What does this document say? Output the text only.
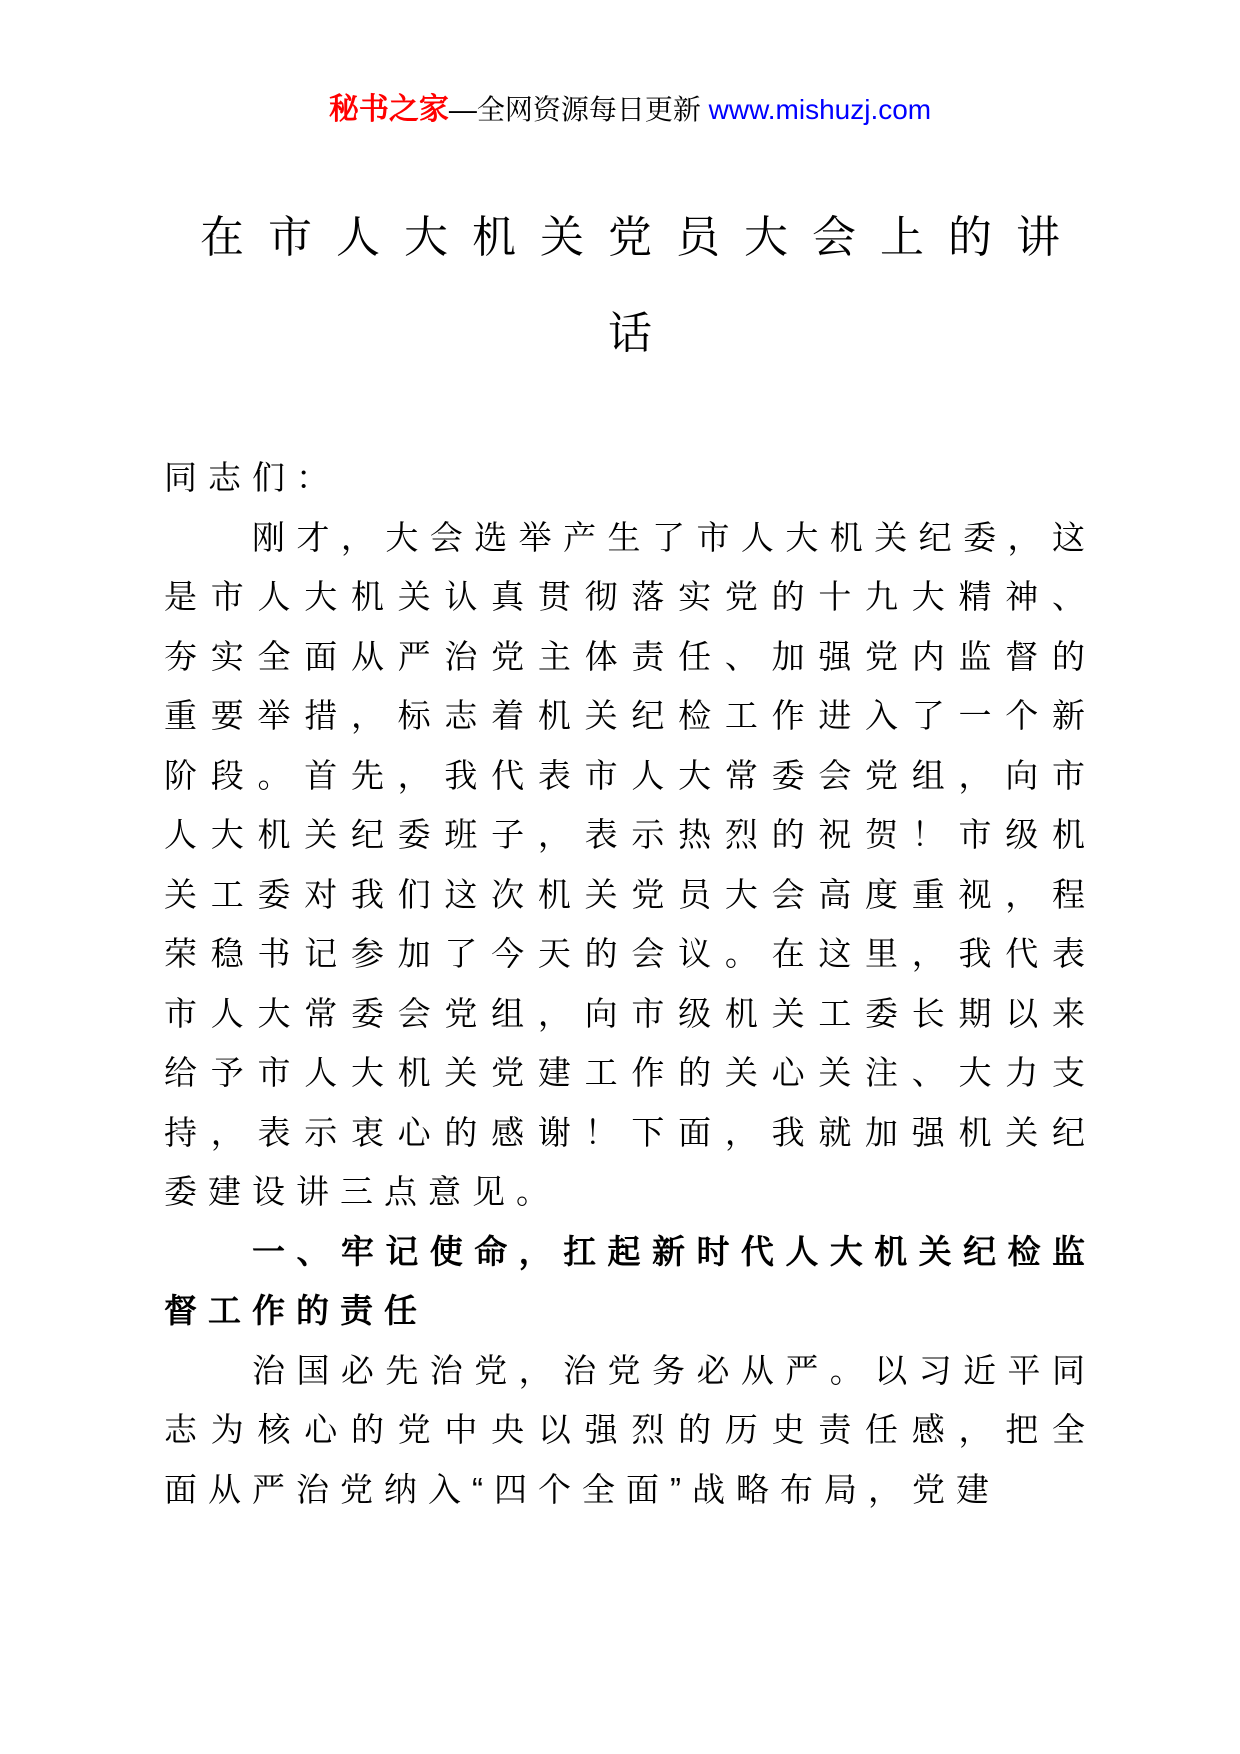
秘书之家—全网资源每日更新 www.mishuzj.com
在市人大机关党员大会上的讲
话
同志们：
刚才，大会选举产生了市人大机关纪委，这
是市人大机关认真贯彻落实党的十九大精神、
夯实全面从严治党主体责任、加强党内监督的
重要举措，标志着机关纪检工作进入了一个新
阶段。首先，我代表市人大常委会党组，向市
人大机关纪委班子，表示热烈的祝贺！市级机
关工委对我们这次机关党员大会高度重视，程
荣稳书记参加了今天的会议。在这里，我代表
市人大常委会党组，向市级机关工委长期以来
给予市人大机关党建工作的关心关注、大力支
持，表示衷心的感谢！下面，我就加强机关纪
委建设讲三点意见。
一、牢记使命，扛起新时代人大机关纪检监
督工作的责任
治国必先治党，治党务必从严。以习近平同
志为核心的党中央以强烈的历史责任感，把全
面从严治党纳入“四个全面”战略布局，党建
